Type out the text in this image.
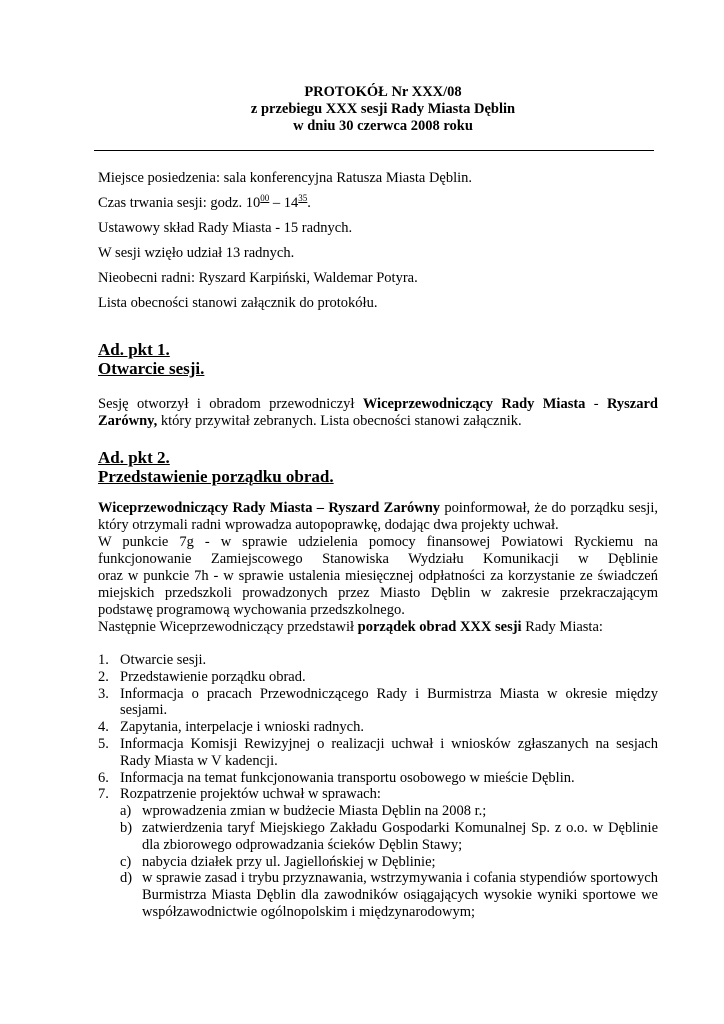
PROTOKÓŁ Nr XXX/08
z przebiegu XXX sesji Rady Miasta Dęblin
w dniu 30 czerwca 2008 roku

Miejsce posiedzenia: sala konferencyjna Ratusza Miasta Dęblin.

Czas trwania sesji: godz. $10^{00} - 14^{35}$.

Ustawowy skład Rady Miasta - 15 radnych.

W sesji wzięło udział 13 radnych.

Nieobecni radni: Ryszard Karpiński, Waldemar Potyra.

Lista obecności stanowi załącznik do protokółu.

Ad. pkt 1.
Otwarcie sesji.

Sesję otworzył i obradom przewodniczył Wiceprzewodniczący Rady Miasta - Ryszard Zarówny, który przywitał zebranych. Lista obecności stanowi załącznik.

Ad. pkt 2.
Przedstawienie porządku obrad.

Wiceprzewodniczący Rady Miasta – Ryszard Zarówny poinformował, że do porządku sesji, który otrzymali radni wprowadza autopoprawkę, dodając dwa projekty uchwał.

W punkcie 7g - w sprawie udzielenia pomocy finansowej Powiatowi Ryckiemu na funkcjonowanie Zamiejscowego Stanowiska Wydziału Komunikacji w Dęblinie

oraz w punkcie 7h - w sprawie ustalenia miesięcznej odpłatności za korzystanie ze świadczeń miejskich przedszkoli prowadzonych przez Miasto Dęblin w zakresie przekraczającym podstawę programową wychowania przedszkolnego.

Następnie Wiceprzewodniczący przedstawił porządek obrad XXX sesji Rady Miasta:

1. Otwarcie sesji.
2. Przedstawienie porządku obrad.
3. Informacja o pracach Przewodniczącego Rady i Burmistrza Miasta w okresie między sesjami.
4. Zapytania, interpelacje i wnioski radnych.
5. Informacja Komisji Rewizyjnej o realizacji uchwał i wniosków zgłaszanych na sesjach Rady Miasta w V kadencji.
6. Informacja na temat funkcjonowania transportu osobowego w mieście Dęblin.
7. Rozpatrzenie projektów uchwał w sprawach:
a) wprowadzenia zmian w budżecie Miasta Dęblin na 2008 r.;
b) zatwierdzenia taryf Miejskiego Zakładu Gospodarki Komunalnej Sp. z o.o. w Dęblinie dla zbiorowego odprowadzania ścieków Dęblin Stawy;
c) nabycia działek przy ul. Jagiellońskiej w Dęblinie;
d) w sprawie zasad i trybu przyznawania, wstrzymywania i cofania stypendiów sportowych Burmistrza Miasta Dęblin dla zawodników osiągających wysokie wyniki sportowe we współzawodnictwie ogólnopolskim i międzynarodowym;
